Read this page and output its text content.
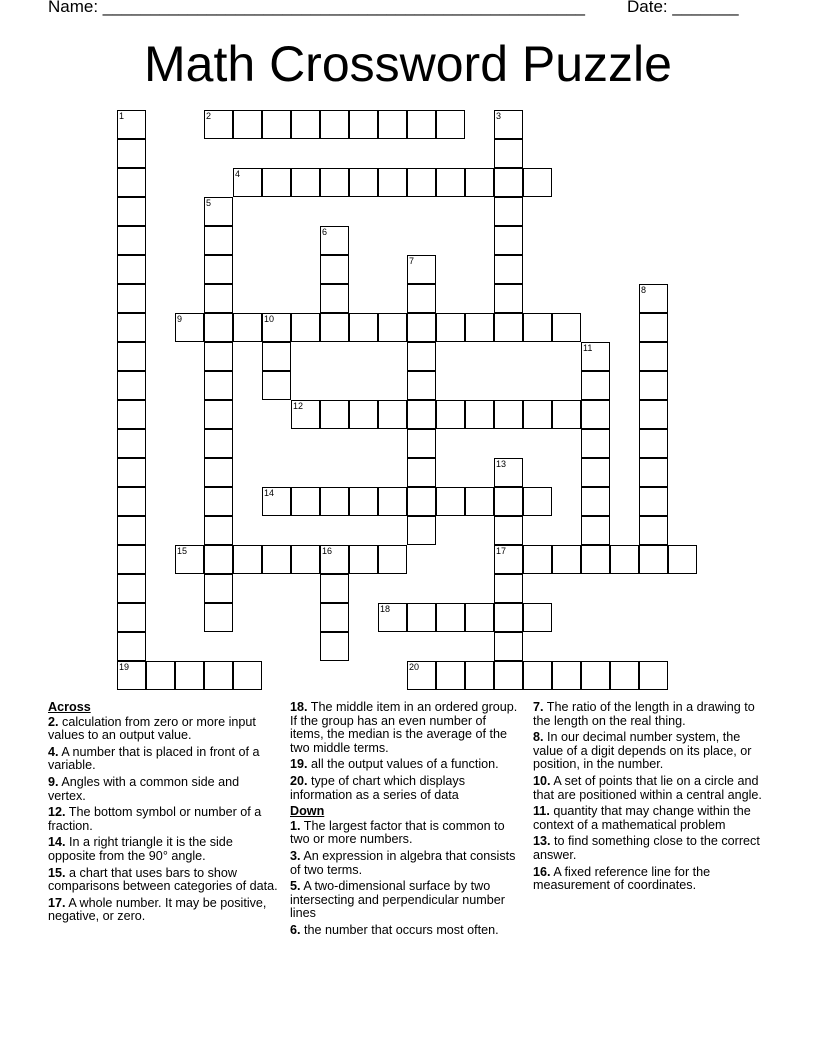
Name: ___________________________________________________ Date: _______
Math Crossword Puzzle
1
19
2	3
4
5
6
7
8
9	10
11
12
13
17
14
15	16
18
20
Across
2. calculation from zero or more input values to an output value.
4. A number that is placed in front of a variable.
9. Angles with a common side and vertex.
12. The bottom symbol or number of a fraction.
14. In a right triangle it is the side opposite from the 90° angle.
15. a chart that uses bars to show comparisons between categories of data.
17. A whole number. It may be positive, negative, or zero.
18. The middle item in an ordered group. If the group has an even number of items, the median is the average of the two middle terms.
19. all the output values of a function.
20. type of chart which displays information as a series of data
Down
1. The largest factor that is common to two or more numbers.
3. An expression in algebra that consists of two terms.
5. A two-dimensional surface by two intersecting and perpendicular number lines
6. the number that occurs most often.
7. The ratio of the length in a drawing to the length on the real thing.
8. In our decimal number system, the value of a digit depends on its place, or position, in the number.
10. A set of points that lie on a circle and that are positioned within a central angle.
11. quantity that may change within the context of a mathematical problem
13. to find something close to the correct answer.
16. A fixed reference line for the measurement of coordinates.
